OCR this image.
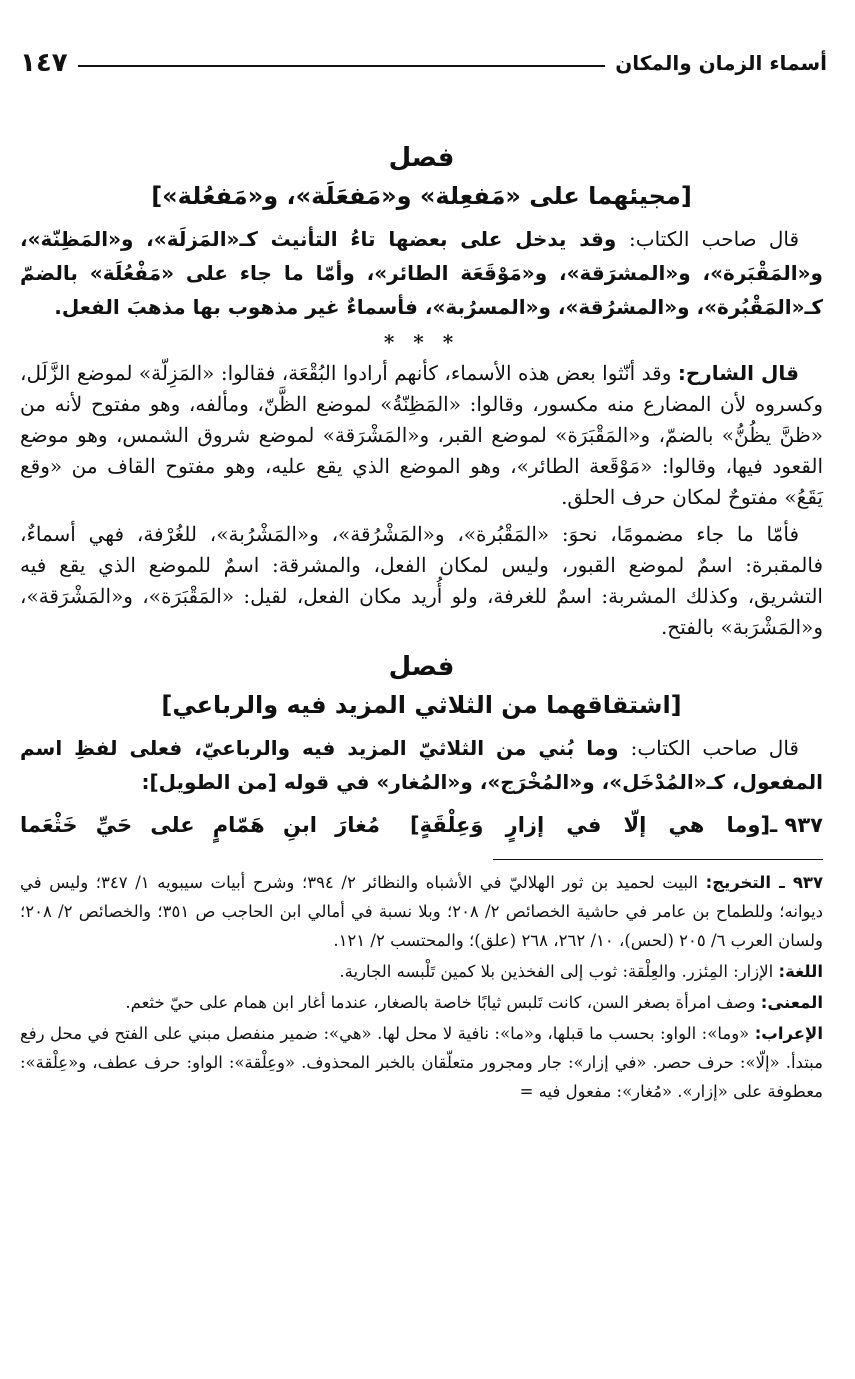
أسماء الزمان والمكان
١٤٧
فصل
[مجيئهما على «مَفعِلة» و«مَفعَلَة»، و«مَفعُلة»]

قال صاحب الكتاب: وقد يدخل على بعضها تاءُ التأنيث كـ«المَزلَة»، و«المَظِنّة»، و«المَقْبَرة»، و«المشرَقة»، و«مَوْقَعَة الطائر»، وأمّا ما جاء على «مَفْعُلَة» بالضمّ كـ«المَقْبُرة»، و«المشرُقة»، و«المسرُبة»، فأسماءٌ غير مذهوب بها مذهبَ الفعل.

* * *

قال الشارح: وقد أنّثوا بعض هذه الأسماء، كأنهم أرادوا البُقْعَة، فقالوا: «المَزِلّة» لموضع الزَّلَل، وكسروه لأن المضارع منه مكسور، وقالوا: «المَظِنّةُ» لموضع الظَّنّ، ومألفه، وهو مفتوح لأنه من «ظنَّ يظُنُّ» بالضمّ، و«المَقْبَرَة» لموضع القبر، و«المَشْرَقة» لموضع شروق الشمس، وهو موضع القعود فيها، وقالوا: «مَوْقَعة الطائر»، وهو الموضع الذي يقع عليه، وهو مفتوح القاف من «وقع يَقَعُ» مفتوحٌ لمكان حرف الحلق.

فأمّا ما جاء مضمومًا، نحوَ: «المَقْبُرة»، و«المَشْرُقة»، و«المَشْرُبة»، للغُرْفة، فهي أسماءٌ، فالمقبرة: اسمٌ لموضع القبور، وليس لمكان الفعل، والمشرقة: اسمٌ للموضع الذي يقع فيه التشريق، وكذلك المشربة: اسمٌ للغرفة، ولو أُريد مكان الفعل، لقيل: «المَقْبَرَة»، و«المَشْرَقة»، و«المَشْرَبة» بالفتح.

فصل
[اشتقاقهما من الثلاثي المزيد فيه والرباعي]

قال صاحب الكتاب: وما بُني من الثلاثيّ المزيد فيه والرباعيّ، فعلى لفظِ اسم المفعول، كـ«المُدْخَل»، و«المُخْرَج»، و«المُغار» في قوله [من الطويل]:

٩٣٧ ـ
[وما هي إلّا في إزارٍ وَعِلْقَةٍ]
مُغارَ ابنِ هَمّامٍ على حَيِّ خَثْعَما

٩٣٧ ـ التخريج: البيت لحميد بن ثور الهلاليّ في الأشباه والنظائر ٢/ ٣٩٤؛ وشرح أبيات سيبويه ١/ ٣٤٧؛ وليس في ديوانه؛ وللطماح بن عامر في حاشية الخصائص ٢/ ٢٠٨؛ وبلا نسبة في أمالي ابن الحاجب ص ٣٥١؛ والخصائص ٢/ ٢٠٨؛ ولسان العرب ٦/ ٢٠٥ (لحس)، ١٠/ ٢٦٢، ٢٦٨ (علق)؛ والمحتسب ٢/ ١٢١.

اللغة: الإزار: المِئزر. والعِلْقة: ثوب إلى الفخذين بلا كمين تَلْبسه الجارية.

المعنى: وصف امرأة بصغر السن، كانت تَلبس ثيابًا خاصة بالصغار، عندما أغار ابن همام على حيّ خثعم.

الإعراب: «وما»: الواو: بحسب ما قبلها، و«ما»: نافية لا محل لها. «هي»: ضمير منفصل مبني على الفتح في محل رفع مبتدأ. «إلّا»: حرف حصر. «في إزار»: جار ومجرور متعلّقان بالخبر المحذوف. «وعِلْقة»: الواو: حرف عطف، و«عِلْقة»: معطوفة على «إزار». «مُغار»: مفعول فيه =
